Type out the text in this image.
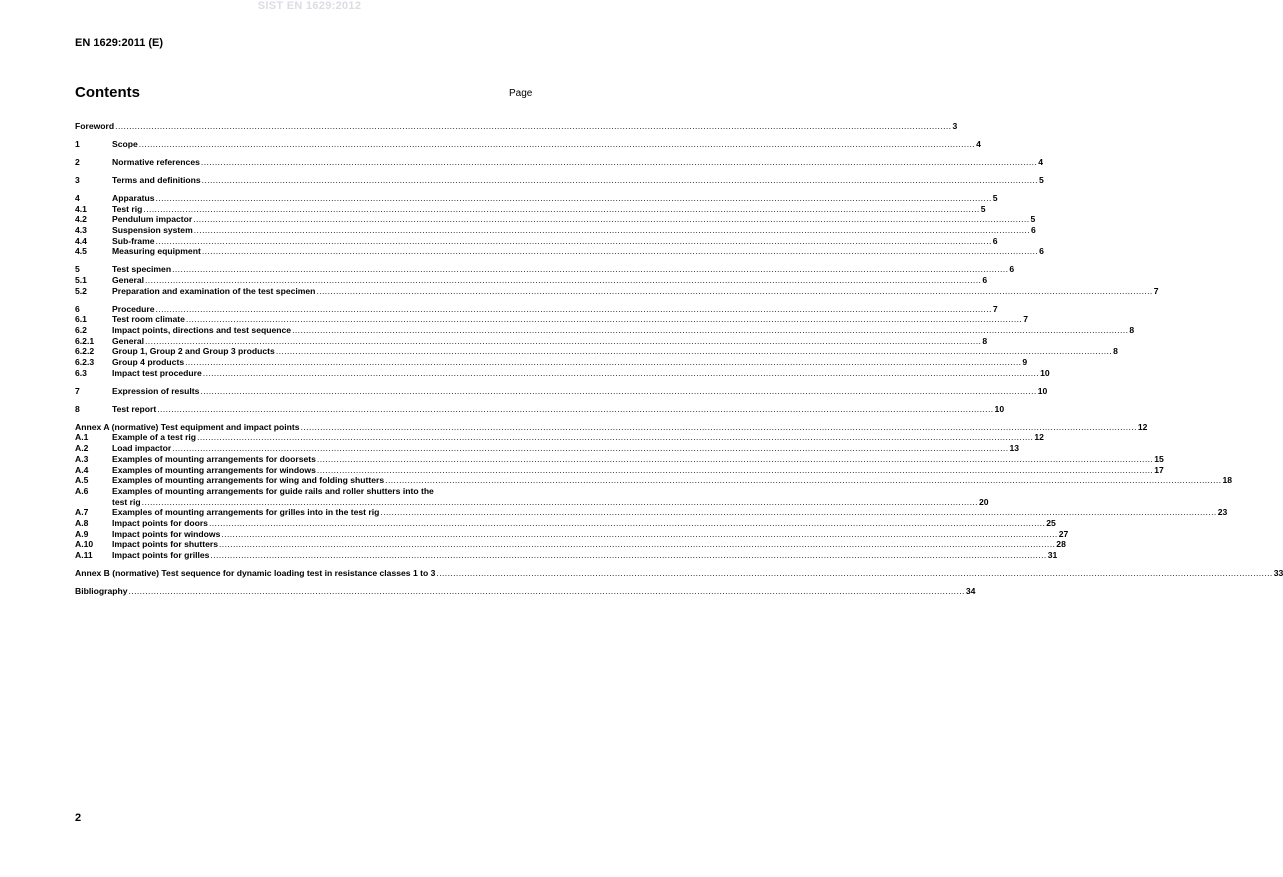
SIST EN 1629:2012
EN 1629:2011 (E)
Contents	Page
Foreword ............................................................................................................................................................................................................................................................................................................ 3
1	Scope ............................................................................................................................................................................................................................................................................................................ 4
2	Normative references ............................................................................................................................................................................................................................................................................................................ 4
3	Terms and definitions ............................................................................................................................................................................................................................................................................................................ 5
4	Apparatus ............................................................................................................................................................................................................................................................................................................ 5
4.1	Test rig ............................................................................................................................................................................................................................................................................................................ 5
4.2	Pendulum impactor ............................................................................................................................................................................................................................................................................................................ 5
4.3	Suspension system ............................................................................................................................................................................................................................................................................................................ 6
4.4	Sub-frame ............................................................................................................................................................................................................................................................................................................ 6
4.5	Measuring equipment ............................................................................................................................................................................................................................................................................................................ 6
5	Test specimen ............................................................................................................................................................................................................................................................................................................ 6
5.1	General ............................................................................................................................................................................................................................................................................................................ 6
5.2	Preparation and examination of the test specimen ............................................................................................................................................................................................................................................................................................................ 7
6	Procedure ............................................................................................................................................................................................................................................................................................................ 7
6.1	Test room climate ............................................................................................................................................................................................................................................................................................................ 7
6.2	Impact points, directions and test sequence ............................................................................................................................................................................................................................................................................................................ 8
6.2.1 General ............................................................................................................................................................................................................................................................................................................ 8
6.2.2 Group 1, Group 2 and Group 3 products ............................................................................................................................................................................................................................................................................................................ 8
6.2.3 Group 4 products ............................................................................................................................................................................................................................................................................................................ 9
6.3	Impact test procedure ............................................................................................................................................................................................................................................................................................................ 10
7	Expression of results ............................................................................................................................................................................................................................................................................................................ 10
8	Test report ............................................................................................................................................................................................................................................................................................................ 10
Annex A (normative) Test equipment and impact points ............................................................................................................................................................................................................................................................................................................ 12
A.1	Example of a test rig ............................................................................................................................................................................................................................................................................................................ 12
A.2	Load impactor ............................................................................................................................................................................................................................................................................................................ 13
A.3	Examples of mounting arrangements for doorsets ............................................................................................................................................................................................................................................................................................................ 15
A.4	Examples of mounting arrangements for windows ............................................................................................................................................................................................................................................................................................................ 17
A.5	Examples of mounting arrangements for wing and folding shutters ............................................................................................................................................................................................................................................................................................................ 18
A.6	Examples of mounting arrangements for guide rails and roller shutters into the
test rig ............................................................................................................................................................................................................................................................................................................ 20
A.7	Examples of mounting arrangements for grilles into in the test rig ............................................................................................................................................................................................................................................................................................................ 23
A.8	Impact points for doors ............................................................................................................................................................................................................................................................................................................ 25
A.9	Impact points for windows ............................................................................................................................................................................................................................................................................................................ 27
A.10 Impact points for shutters ............................................................................................................................................................................................................................................................................................................ 28
A.11 Impact points for grilles ............................................................................................................................................................................................................................................................................................................ 31
Annex B (normative) Test sequence for dynamic loading test in resistance classes 1 to 3 ............................................................................................................................................................................................................................................................................................................ 33
Bibliography ............................................................................................................................................................................................................................................................................................................ 34
2
